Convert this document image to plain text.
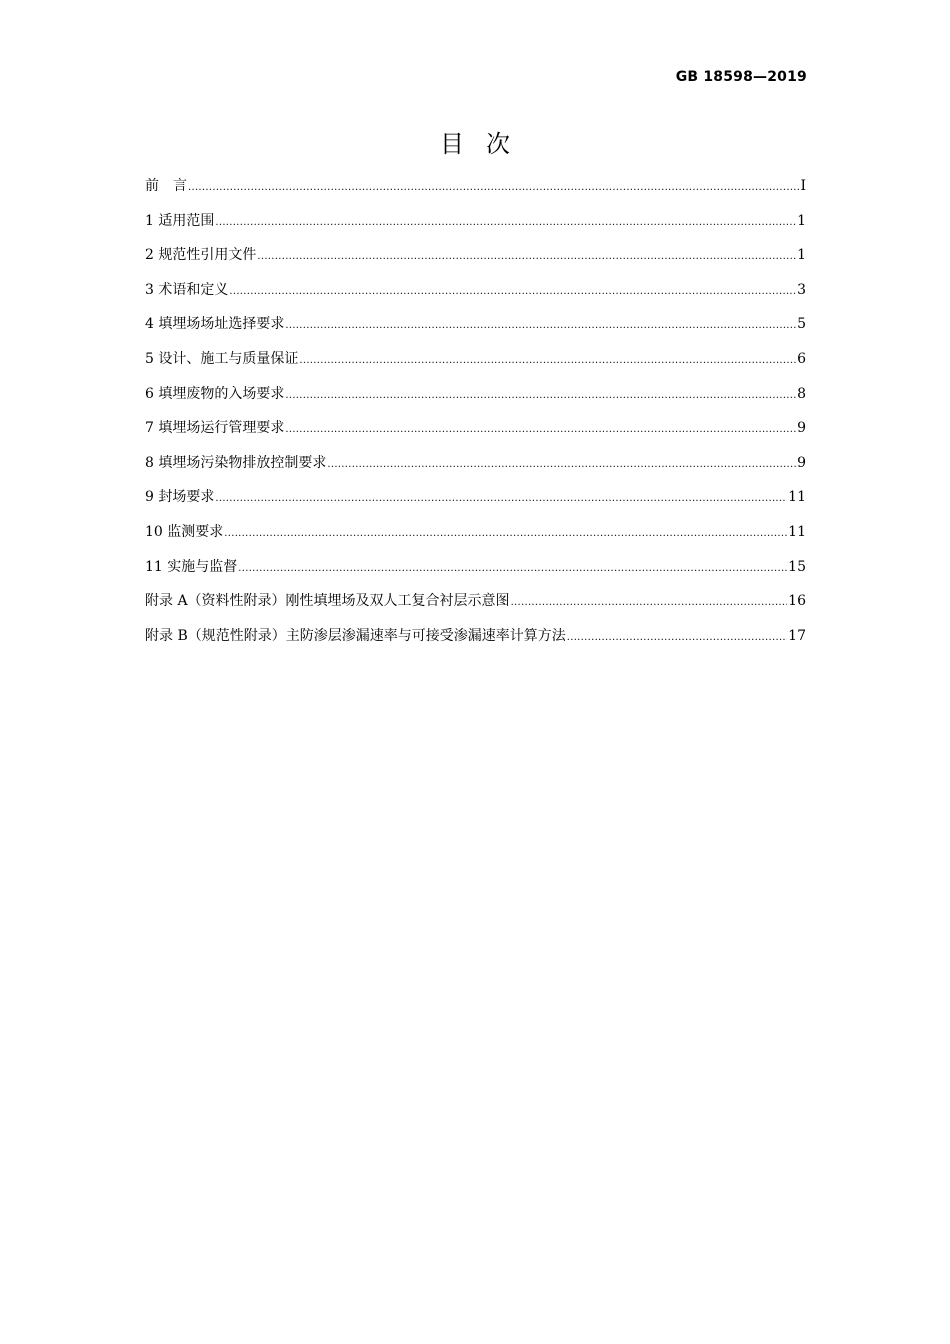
GB 18598—2019
目次
前　言 .....	I
1 适用范围 .....	1
2 规范性引用文件 .....	1
3 术语和定义 .....	3
4 填埋场场址选择要求 .....	5
5 设计、施工与质量保证 .....	6
6 填埋废物的入场要求 .....	8
7 填埋场运行管理要求 .....	9
8 填埋场污染物排放控制要求 .....	9
9 封场要求 .....	11
10 监测要求 .....	11
11 实施与监督 .....	15
附录 A（资料性附录）刚性填埋场及双人工复合衬层示意图 .....	16
附录 B（规范性附录）主防渗层渗漏速率与可接受渗漏速率计算方法 .....	17
